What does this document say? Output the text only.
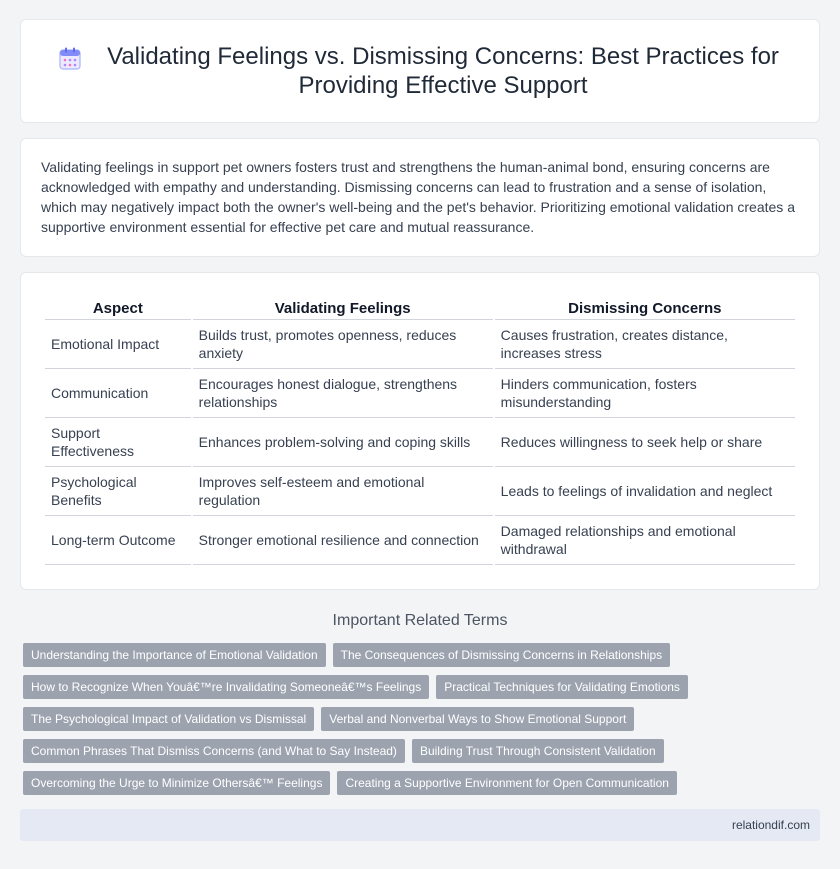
Validating Feelings vs. Dismissing Concerns: Best Practices for Providing Effective Support

Validating feelings in support pet owners fosters trust and strengthens the human-animal bond, ensuring concerns are acknowledged with empathy and understanding. Dismissing concerns can lead to frustration and a sense of isolation, which may negatively impact both the owner's well-being and the pet's behavior. Prioritizing emotional validation creates a supportive environment essential for effective pet care and mutual reassurance.

Aspect	Validating Feelings	Dismissing Concerns
Emotional Impact	Builds trust, promotes openness, reduces anxiety	Causes frustration, creates distance, increases stress
Communication	Encourages honest dialogue, strengthens relationships	Hinders communication, fosters misunderstanding
Support Effectiveness	Enhances problem-solving and coping skills	Reduces willingness to seek help or share
Psychological Benefits	Improves self-esteem and emotional regulation	Leads to feelings of invalidation and neglect
Long-term Outcome	Stronger emotional resilience and connection	Damaged relationships and emotional withdrawal
Important Related Terms
Understanding the Importance of Emotional Validation	The Consequences of Dismissing Concerns in Relationships
How to Recognize When Youâ€™re Invalidating Someoneâ€™s Feelings	Practical Techniques for Validating Emotions
The Psychological Impact of Validation vs Dismissal	Verbal and Nonverbal Ways to Show Emotional Support
Common Phrases That Dismiss Concerns (and What to Say Instead)	Building Trust Through Consistent Validation
Overcoming the Urge to Minimize Othersâ€™ Feelings	Creating a Supportive Environment for Open Communication
relationdif.com
